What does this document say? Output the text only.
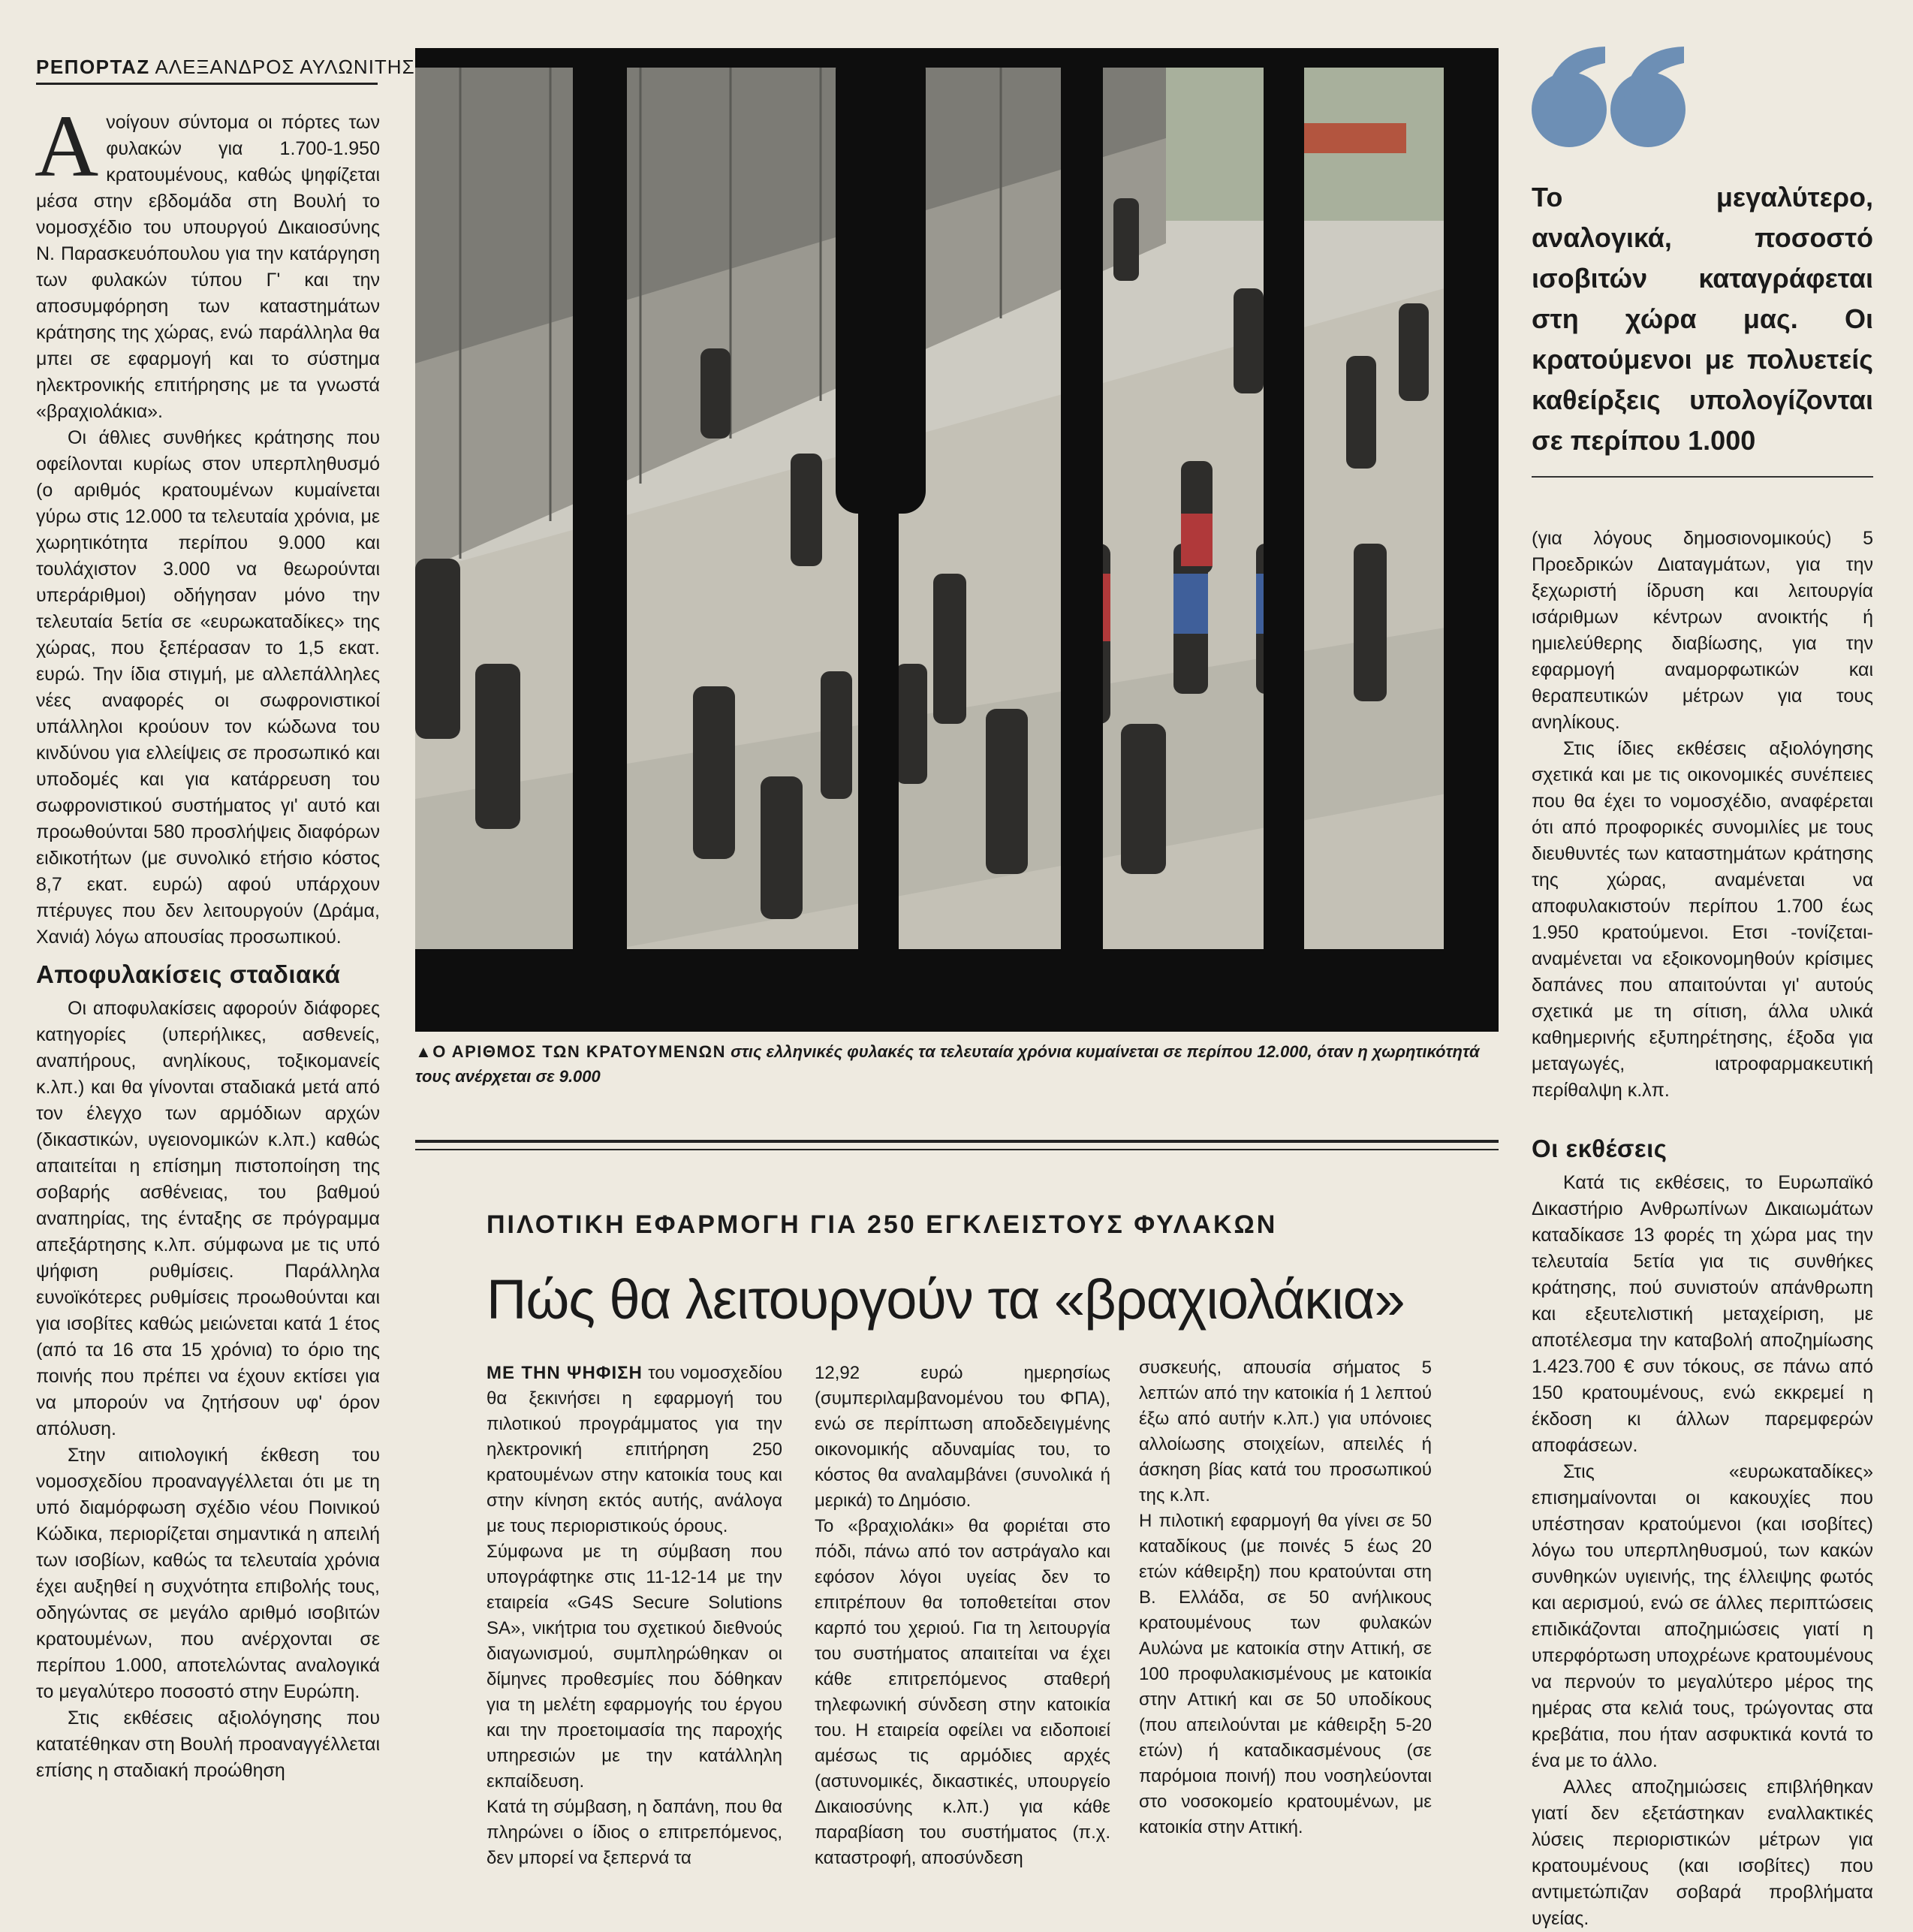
ΡΕΠΟΡΤΑΖ ΑΛΕΞΑΝΔΡΟΣ ΑΥΛΩΝΙΤΗΣ

Ανοίγουν σύντομα οι πόρτες των φυλακών για 1.700-1.950 κρατουμένους, καθώς ψηφίζεται μέσα στην εβδομάδα στη Βουλή το νομοσχέδιο του υπουργού Δικαιοσύνης Ν. Παρασκευόπουλου για την κατάργηση των φυλακών τύπου Γ' και την αποσυμφόρηση των καταστημάτων κράτησης της χώρας, ενώ παράλληλα θα μπει σε εφαρμογή και το σύστημα ηλεκτρονικής επιτήρησης με τα γνωστά «βραχιολάκια».

Οι άθλιες συνθήκες κράτησης που οφείλονται κυρίως στον υπερπληθυσμό (ο αριθμός κρατουμένων κυμαίνεται γύρω στις 12.000 τα τελευταία χρόνια, με χωρητικότητα περίπου 9.000 και τουλάχιστον 3.000 να θεωρούνται υπεράριθμοι) οδήγησαν μόνο την τελευταία 5ετία σε «ευρωκαταδίκες» της χώρας, που ξεπέρασαν το 1,5 εκατ. ευρώ. Την ίδια στιγμή, με αλλεπάλληλες νέες αναφορές οι σωφρονιστικοί υπάλληλοι κρούουν τον κώδωνα του κινδύνου για ελλείψεις σε προσωπικό και υποδομές και για κατάρρευση του σωφρονιστικού συστήματος γι' αυτό και προωθούνται 580 προσλήψεις διαφόρων ειδικοτήτων (με συνολικό ετήσιο κόστος 8,7 εκατ. ευρώ) αφού υπάρχουν πτέρυγες που δεν λειτουργούν (Δράμα, Χανιά) λόγω απουσίας προσωπικού.

Αποφυλακίσεις σταδιακά

Οι αποφυλακίσεις αφορούν διάφορες κατηγορίες (υπερήλικες, ασθενείς, αναπήρους, ανηλίκους, τοξικομανείς κ.λπ.) και θα γίνονται σταδιακά μετά από τον έλεγχο των αρμόδιων αρχών (δικαστικών, υγειονομικών κ.λπ.) καθώς απαιτείται η επίσημη πιστοποίηση της σοβαρής ασθένειας, του βαθμού αναπηρίας, της ένταξης σε πρόγραμμα απεξάρτησης κ.λπ. σύμφωνα με τις υπό ψήφιση ρυθμίσεις. Παράλληλα ευνοϊκότερες ρυθμίσεις προωθούνται και για ισοβίτες καθώς μειώνεται κατά 1 έτος (από τα 16 στα 15 χρόνια) το όριο της ποινής που πρέπει να έχουν εκτίσει για να μπορούν να ζητήσουν υφ' όρον απόλυση.

Στην αιτιολογική έκθεση του νομοσχεδίου προαναγγέλλεται ότι με τη υπό διαμόρφωση σχέδιο νέου Ποινικού Κώδικα, περιορίζεται σημαντικά η απειλή των ισοβίων, καθώς τα τελευταία χρόνια έχει αυξηθεί η συχνότητα επιβολής τους, οδηγώντας σε μεγάλο αριθμό ισοβιτών κρατουμένων, που ανέρχονται σε περίπου 1.000, αποτελώντας αναλογικά το μεγαλύτερο ποσοστό στην Ευρώπη.

Στις εκθέσεις αξιολόγησης που κατατέθηκαν στη Βουλή προαναγγέλλεται επίσης η σταδιακή προώθηση

▲Ο ΑΡΙΘΜΟΣ ΤΩΝ ΚΡΑΤΟΥΜΕΝΩΝ στις ελληνικές φυλακές τα τελευταία χρόνια κυμαίνεται σε περίπου 12.000, όταν η χωρητικότητά τους ανέρχεται σε 9.000
Το μεγαλύτερο, αναλογικά, ποσοστό ισοβιτών καταγράφεται στη χώρα μας. Οι κρατούμενοι με πολυετείς καθείρξεις υπολογίζονται σε περίπου 1.000

(για λόγους δημοσιονομικούς) 5 Προεδρικών Διαταγμάτων, για την ξεχωριστή ίδρυση και λειτουργία ισάριθμων κέντρων ανοικτής ή ημιελεύθερης διαβίωσης, για την εφαρμογή αναμορφωτικών και θεραπευτικών μέτρων για τους ανηλίκους.

Στις ίδιες εκθέσεις αξιολόγησης σχετικά και με τις οικονομικές συνέπειες που θα έχει το νομοσχέδιο, αναφέρεται ότι από προφορικές συνομιλίες με τους διευθυντές των καταστημάτων κράτησης της χώρας, αναμένεται να αποφυλακιστούν περίπου 1.700 έως 1.950 κρατούμενοι. Ετσι -τονίζεται- αναμένεται να εξοικονομηθούν κρίσιμες δαπάνες που απαιτούνται γι' αυτούς σχετικά με τη σίτιση, άλλα υλικά καθημερινής εξυπηρέτησης, έξοδα για μεταγωγές, ιατροφαρμακευτική περίθαλψη κ.λπ.

Οι εκθέσεις

Κατά τις εκθέσεις, το Ευρωπαϊκό Δικαστήριο Ανθρωπίνων Δικαιωμάτων καταδίκασε 13 φορές τη χώρα μας την τελευταία 5ετία για τις συνθήκες κράτησης, πού συνιστούν απάνθρωπη και εξευτελιστική μεταχείριση, με αποτέλεσμα την καταβολή αποζημίωσης 1.423.700 € συν τόκους, σε πάνω από 150 κρατουμένους, ενώ εκκρεμεί η έκδοση κι άλλων παρεμφερών αποφάσεων.

Στις «ευρωκαταδίκες» επισημαίνονται οι κακουχίες που υπέστησαν κρατούμενοι (και ισοβίτες) λόγω του υπερπληθυσμού, των κακών συνθηκών υγιεινής, της έλλειψης φωτός και αερισμού, ενώ σε άλλες περιπτώσεις επιδικάζονται αποζημιώσεις γιατί η υπερφόρτωση υποχρέωνε κρατουμένους να περνούν το μεγαλύτερο μέρος της ημέρας στα κελιά τους, τρώγοντας στα κρεβάτια, που ήταν ασφυκτικά κοντά το ένα με το άλλο.

Αλλες αποζημιώσεις επιβλήθηκαν γιατί δεν εξετάστηκαν εναλλακτικές λύσεις περιοριστικών μέτρων για κρατουμένους (και ισοβίτες) που αντιμετώπιζαν σοβαρά προβλήματα υγείας.

ΠΙΛΟΤΙΚΗ ΕΦΑΡΜΟΓΗ ΓΙΑ 250 ΕΓΚΛΕΙΣΤΟΥΣ ΦΥΛΑΚΩΝ
Πώς θα λειτουργούν τα «βραχιολάκια»

ΜΕ ΤΗΝ ΨΗΦΙΣΗ του νομοσχεδίου θα ξεκινήσει η εφαρμογή του πιλοτικού προγράμματος για την ηλεκτρονική επιτήρηση 250 κρατουμένων στην κατοικία τους και στην κίνηση εκτός αυτής, ανάλογα με τους περιοριστικούς όρους.

Σύμφωνα με τη σύμβαση που υπογράφτηκε στις 11-12-14 με την εταιρεία «G4S Secure Solutions SA», νικήτρια του σχετικού διεθνούς διαγωνισμού, συμπληρώθηκαν οι δίμηνες προθεσμίες που δόθηκαν για τη μελέτη εφαρμογής του έργου και την προετοιμασία της παροχής υπηρεσιών με την κατάλληλη εκπαίδευση.

Κατά τη σύμβαση, η δαπάνη, που θα πληρώνει ο ίδιος ο επιτρεπόμενος, δεν μπορεί να ξεπερνά τα

12,92 ευρώ ημερησίως (συμπεριλαμβανομένου του ΦΠΑ), ενώ σε περίπτωση αποδεδειγμένης οικονομικής αδυναμίας του, το κόστος θα αναλαμβάνει (συνολικά ή μερικά) το Δημόσιο.

Το «βραχιολάκι» θα φοριέται στο πόδι, πάνω από τον αστράγαλο και εφόσον λόγοι υγείας δεν το επιτρέπουν θα τοποθετείται στον καρπό του χεριού. Για τη λειτουργία του συστήματος απαιτείται να έχει κάθε επιτρεπόμενος σταθερή τηλεφωνική σύνδεση στην κατοικία του. Η εταιρεία οφείλει να ειδοποιεί αμέσως τις αρμόδιες αρχές (αστυνομικές, δικαστικές, υπουργείο Δικαιοσύνης κ.λπ.) για κάθε παραβίαση του συστήματος (π.χ. καταστροφή, αποσύνδεση

συσκευής, απουσία σήματος 5 λεπτών από την κατοικία ή 1 λεπτού έξω από αυτήν κ.λπ.) για υπόνοιες αλλοίωσης στοιχείων, απειλές ή άσκηση βίας κατά του προσωπικού της κ.λπ.

Η πιλοτική εφαρμογή θα γίνει σε 50 καταδίκους (με ποινές 5 έως 20 ετών κάθειρξη) που κρατούνται στη Β. Ελλάδα, σε 50 ανήλικους κρατουμένους των φυλακών Αυλώνα με κατοικία στην Αττική, σε 100 προφυλακισμένους με κατοικία στην Αττική και σε 50 υποδίκους (που απειλούνται με κάθειρξη 5-20 ετών) ή καταδικασμένους (σε παρόμοια ποινή) που νοσηλεύονται στο νοσοκομείο κρατουμένων, με κατοικία στην Αττική.
